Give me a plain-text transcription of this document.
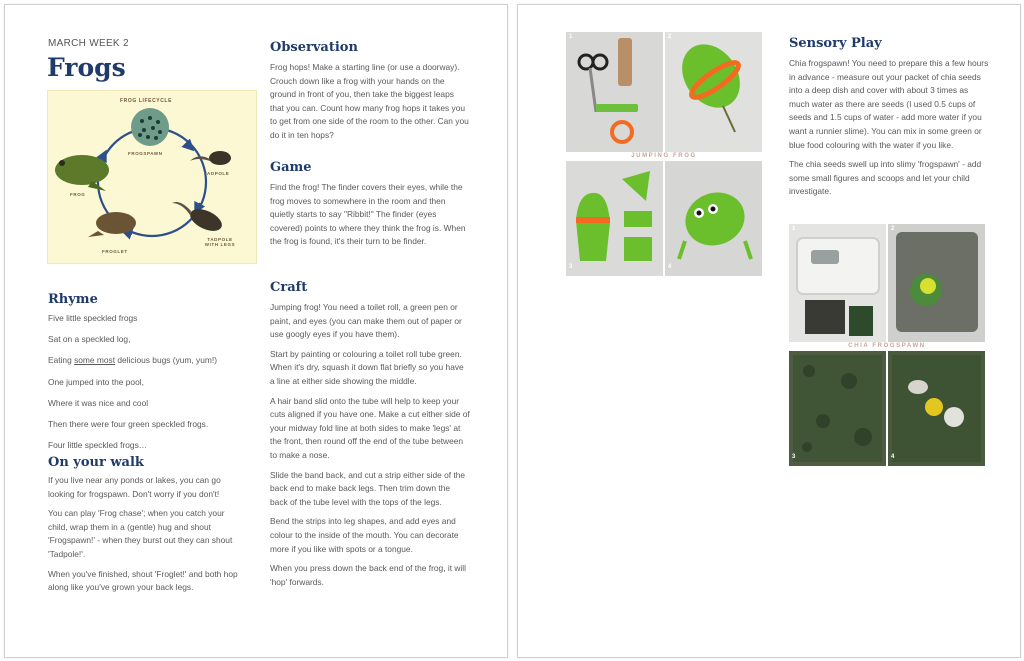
MARCH WEEK 2
Frogs
FROG LIFECYCLE
FROGSPAWN
TADPOLE
TADPOLE WITH LEGS
FROGLET
FROG
Rhyme

Five little speckled frogs

Sat on a speckled log,

Eating some most delicious bugs (yum, yum!)

One jumped into the pool,

Where it was nice and cool

Then there were four green speckled frogs.

Four little speckled frogs…

On your walk

If you live near any ponds or lakes, you can go looking for frogspawn. Don't worry if you don't!

You can play 'Frog chase'; when you catch your child, wrap them in a (gentle) hug and shout 'Frogspawn!' - when they burst out they can shout 'Tadpole!'.

When you've finished, shout 'Froglet!' and both hop along like you've grown your back legs.

Observation
Frog hops! Make a starting line (or use a doorway). Crouch down like a frog with your hands on the ground in front of you, then take the biggest leaps that you can. Count how many frog hops it takes you to get from one side of the room to the other. Can you do it in ten hops?
Game
Find the frog! The finder covers their eyes, while the frog moves to somewhere in the room and then quietly starts to say "Ribbit!" The finder (eyes covered) points to where they think the frog is. When the frog is found, it's their turn to be finder.
Craft

Jumping frog! You need a toilet roll, a green pen or paint, and eyes (you can make them out of paper or use googly eyes if you have them).

Start by painting or colouring a toilet roll tube green. When it's dry, squash it down flat briefly so you have a line at either side showing the middle.

A hair band slid onto the tube will help to keep your cuts aligned if you have one. Make a cut either side of your midway fold line at both sides to make 'legs' at the front, then round off the end of the tube between to make a nose.

Slide the band back, and cut a strip either side of the back end to make back legs. Then trim down the back of the tube level with the tops of the legs.

Bend the strips into leg shapes, and add eyes and colour to the inside of the mouth. You can decorate more if you like with spots or a tongue.

When you press down the back end of the frog, it will 'hop' forwards.

1	2
JUMPING FROG
3	4
Sensory Play

Chia frogspawn! You need to prepare this a few hours in advance - measure out your packet of chia seeds into a deep dish and cover with about 3 times as much water as there are seeds (I used 0.5 cups of seeds and 1.5 cups of water - add more water if you want a runnier slime). You can mix in some green or blue food colouring with the water if you like.

The chia seeds swell up into slimy 'frogspawn' - add some small figures and scoops and let your child investigate.

1	2
CHIA FROGSPAWN
3	4
